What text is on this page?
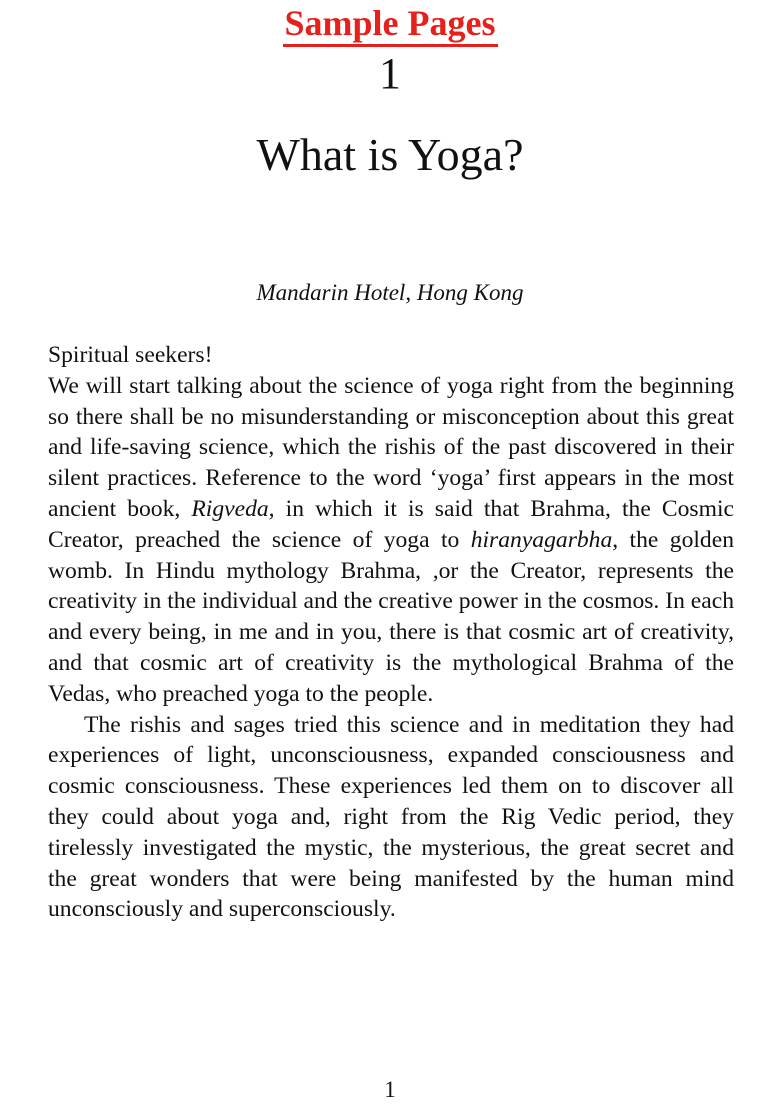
Sample Pages
1
What is Yoga?
Mandarin Hotel, Hong Kong

Spiritual seekers!

We will start talking about the science of yoga right from the beginning so there shall be no misunderstanding or misconception about this great and life-saving science, which the rishis of the past discovered in their silent practices. Reference to the word ‘yoga’ first appears in the most ancient book, Rigveda, in which it is said that Brahma, the Cosmic Creator, preached the science of yoga to hiranyagarbha, the golden womb. In Hindu mythology Brahma, ,or the Creator, represents the creativity in the individual and the creative power in the cosmos. In each and every being, in me and in you, there is that cosmic art of creativity, and that cosmic art of creativity is the mythological Brahma of the Vedas, who preached yoga to the people.

The rishis and sages tried this science and in meditation they had experiences of light, unconsciousness, expanded consciousness and cosmic consciousness. These experiences led them on to discover all they could about yoga and, right from the Rig Vedic period, they tirelessly investigated the mystic, the mysterious, the great secret and the great wonders that were being manifested by the human mind unconsciously and superconsciously.

1
